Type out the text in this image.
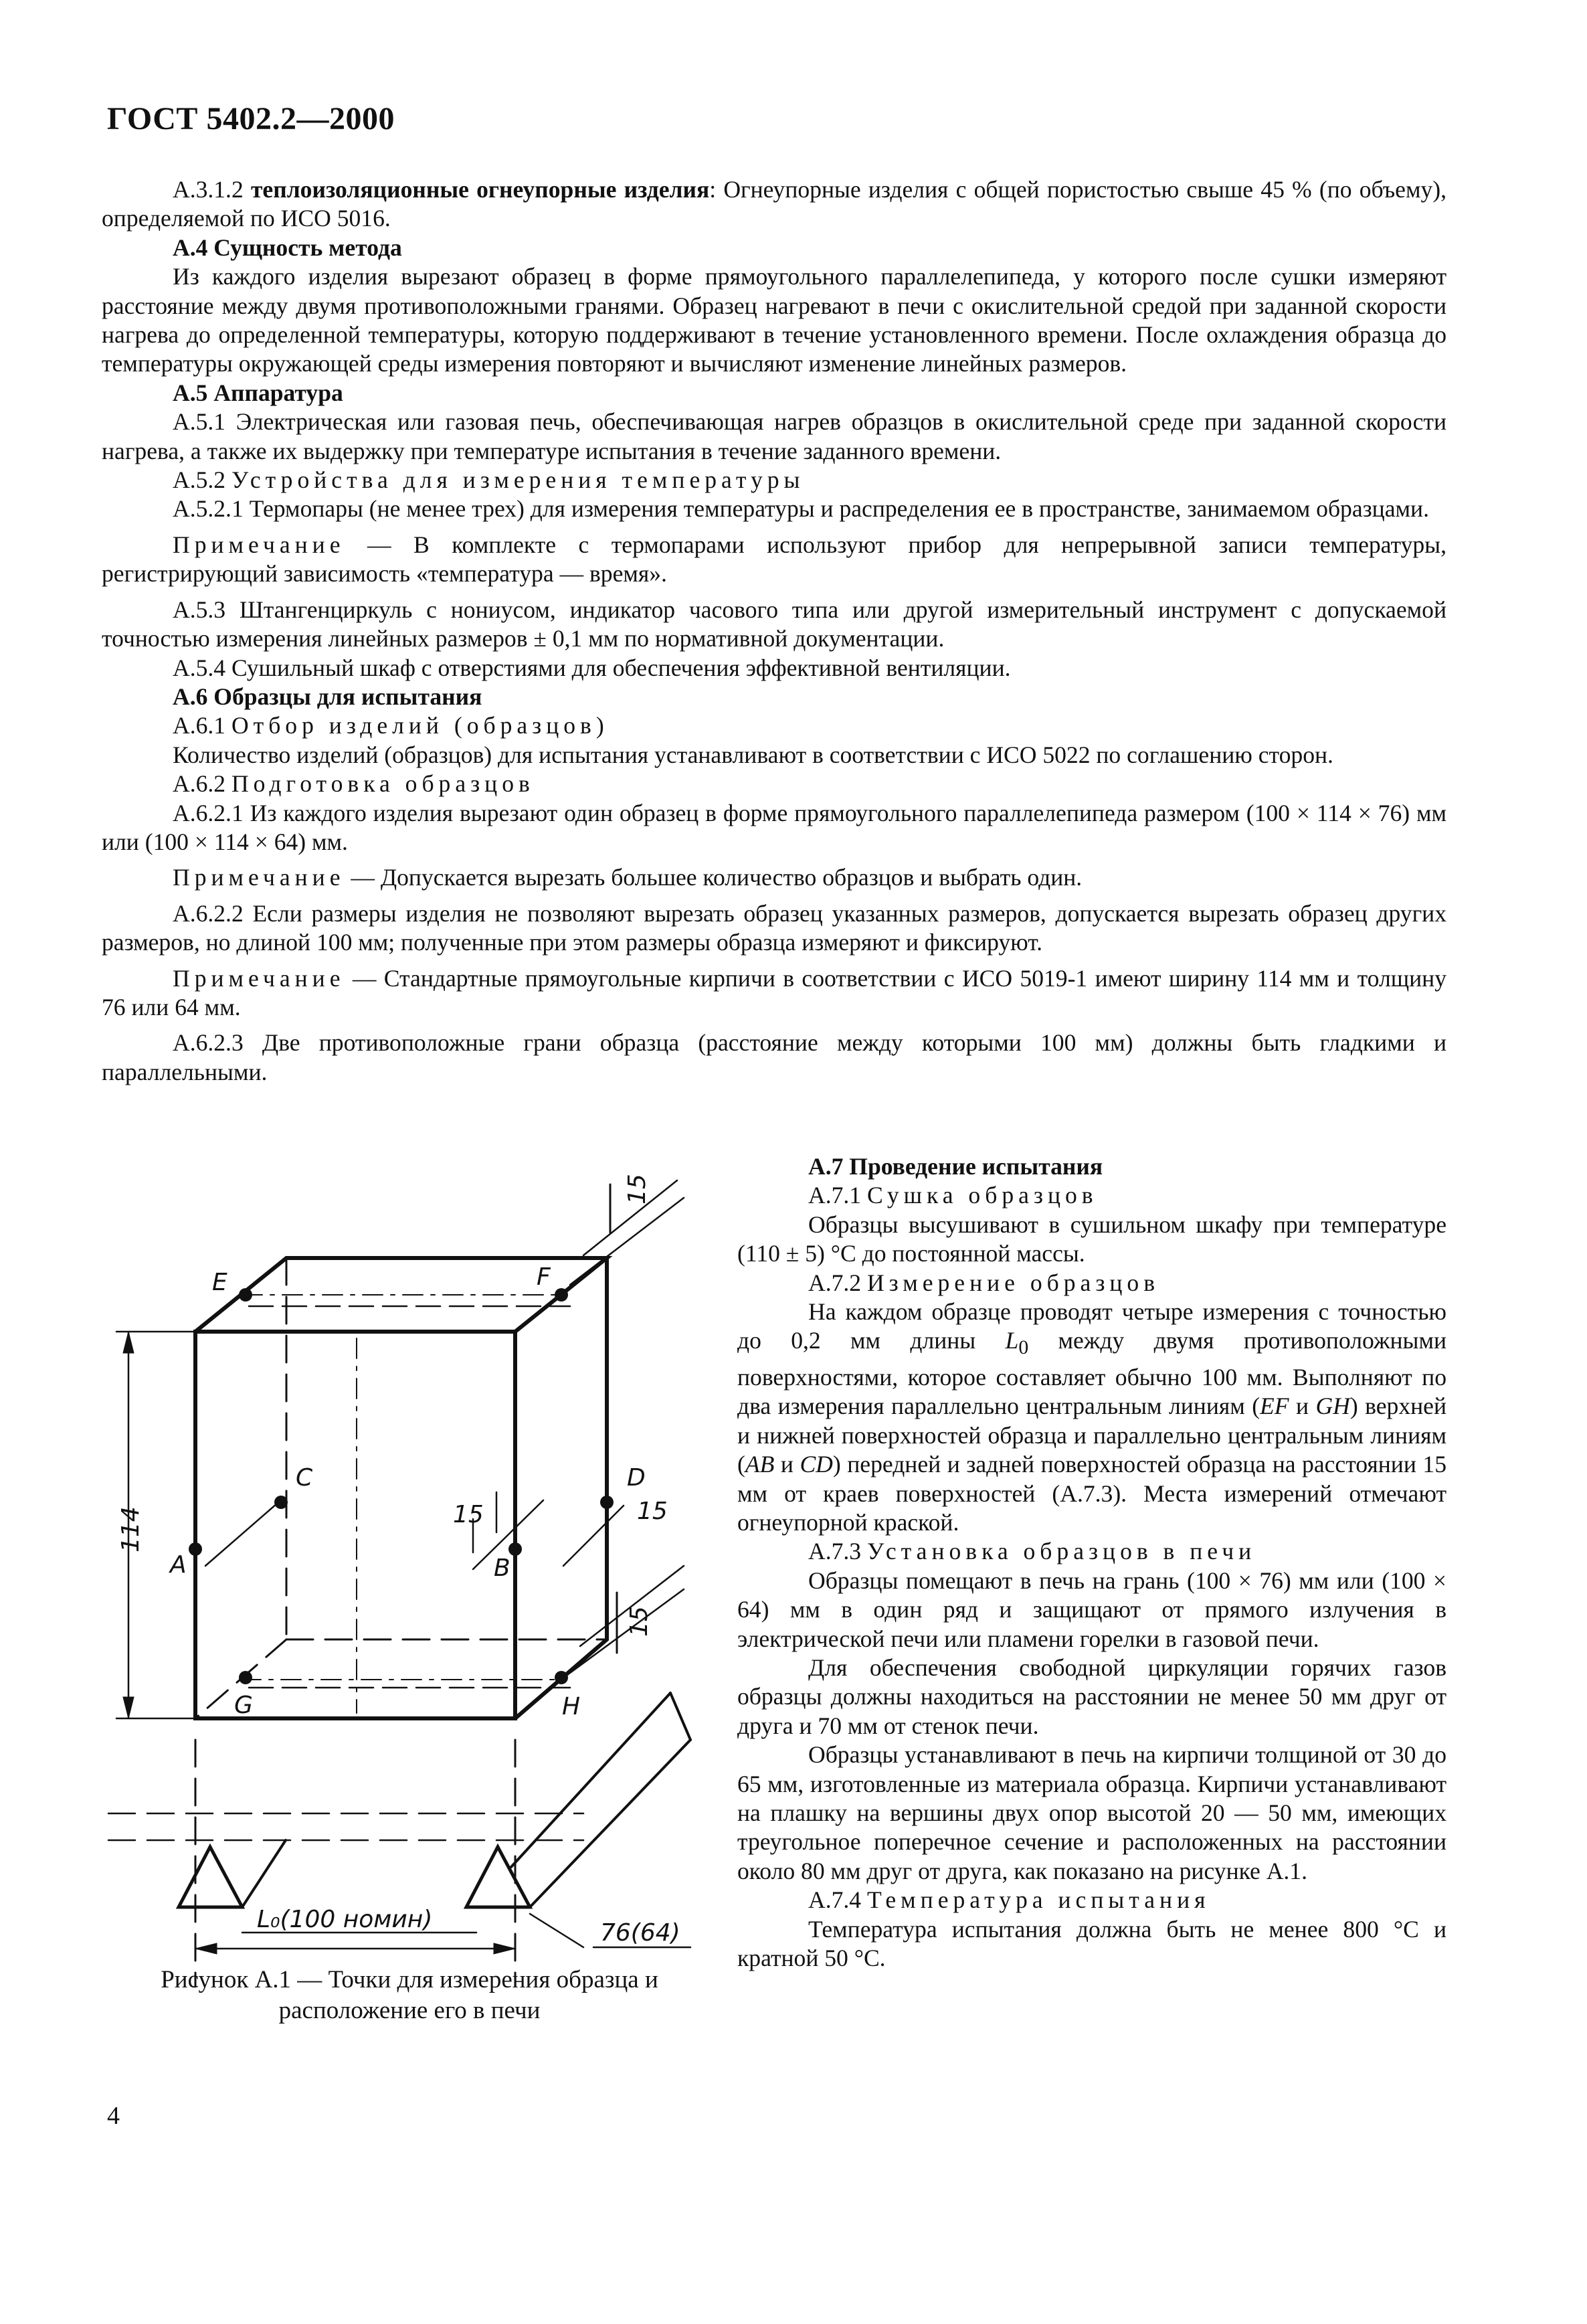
ГОСТ 5402.2—2000

А.3.1.2 теплоизоляционные огнеупорные изделия: Огнеупорные изделия с общей пористостью свыше 45 % (по объему), определяемой по ИСО 5016.

А.4 Сущность метода

Из каждого изделия вырезают образец в форме прямоугольного параллелепипеда, у которого после сушки измеряют расстояние между двумя противоположными гранями. Образец нагревают в печи с окислительной средой при заданной скорости нагрева до определенной температуры, которую поддерживают в течение установленного времени. После охлаждения образца до температуры окружающей среды измерения повторяют и вычисляют изменение линейных размеров.

А.5 Аппаратура

А.5.1 Электрическая или газовая печь, обеспечивающая нагрев образцов в окислительной среде при заданной скорости нагрева, а также их выдержку при температуре испытания в течение заданного времени.

А.5.2 Устройства для измерения температуры

А.5.2.1 Термопары (не менее трех) для измерения температуры и распределения ее в пространстве, занимаемом образцами.

Примечание — В комплекте с термопарами используют прибор для непрерывной записи температуры, регистрирующий зависимость «температура — время».

А.5.3 Штангенциркуль с нониусом, индикатор часового типа или другой измерительный инструмент с допускаемой точностью измерения линейных размеров ± 0,1 мм по нормативной документации.

А.5.4 Сушильный шкаф с отверстиями для обеспечения эффективной вентиляции.

А.6 Образцы для испытания

А.6.1 Отбор изделий (образцов)

Количество изделий (образцов) для испытания устанавливают в соответствии с ИСО 5022 по соглашению сторон.

А.6.2 Подготовка образцов

А.6.2.1 Из каждого изделия вырезают один образец в форме прямоугольного параллелепипеда размером (100 × 114 × 76) мм или (100 × 114 × 64) мм.

Примечание — Допускается вырезать большее количество образцов и выбрать один.

А.6.2.2 Если размеры изделия не позволяют вырезать образец указанных размеров, допускается вырезать образец других размеров, но длиной 100 мм; полученные при этом размеры образца измеряют и фиксируют.

Примечание — Стандартные прямоугольные кирпичи в соответствии с ИСО 5019-1 имеют ширину 114 мм и толщину 76 или 64 мм.

А.6.2.3 Две противоположные грани образца (расстояние между которыми 100 мм) должны быть гладкими и параллельными.

E	F
C	D
A	B
G	H
15
15	15
15
114
L₀(100 номин)	76(64)
Рисунок А.1 — Точки для измерения образца и расположение его в печи

А.7 Проведение испытания

А.7.1 Сушка образцов

Образцы высушивают в сушильном шкафу при температуре (110 ± 5) °С до постоянной массы.

А.7.2 Измерение образцов

На каждом образце проводят четыре измерения с точностью до 0,2 мм длины $L_0$ между двумя противоположными поверхностями, которое составляет обычно 100 мм. Выполняют по два измерения параллельно центральным линиям (EF и GH) верхней и нижней поверхностей образца и параллельно центральным линиям (AB и CD) передней и задней поверхностей образца на расстоянии 15 мм от краев поверхностей (А.7.3). Места измерений отмечают огнеупорной краской.

А.7.3 Установка образцов в печи

Образцы помещают в печь на грань (100 × 76) мм или (100 × 64) мм в один ряд и защищают от прямого излучения в электрической печи или пламени горелки в газовой печи.

Для обеспечения свободной циркуляции горячих газов образцы должны находиться на расстоянии не менее 50 мм друг от друга и 70 мм от стенок печи.

Образцы устанавливают в печь на кирпичи толщиной от 30 до 65 мм, изготовленные из материала образца. Кирпичи устанавливают на плашку на вершины двух опор высотой 20 — 50 мм, имеющих треугольное поперечное сечение и расположенных на расстоянии около 80 мм друг от друга, как показано на рисунке А.1.

А.7.4 Температура испытания

Температура испытания должна быть не менее 800 °С и кратной 50 °С.

4
